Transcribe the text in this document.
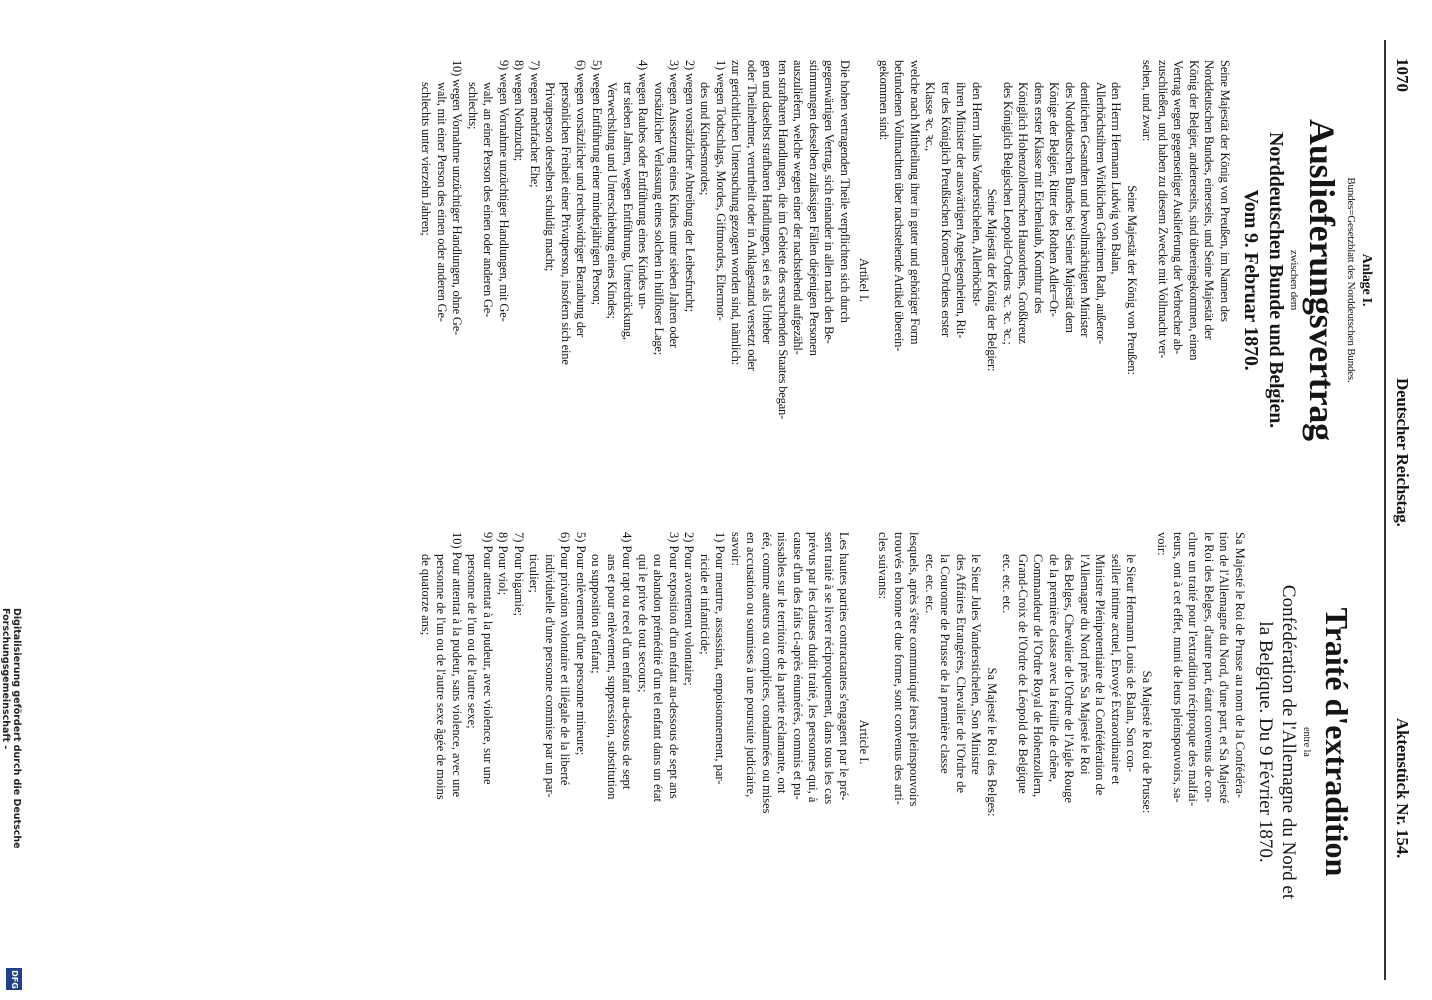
1070
Deutscher Reichstag.
Aktenstück Nr. 154.
Anlage I.
Bundes=Gesetzblatt des Norddeutschen Bundes.
Auslieferungsvertrag
zwischen dem
Norddeutschen Bunde und Belgien.
Vom 9. Februar 1870.
Seine Majestät der König von Preußen, im Namen des
Norddeutschen Bundes, einerseits, und Seine Majestät der
König der Belgier, andererseits, sind übereingekommen, einen
Vertrag wegen gegenseitiger Auslieferung der Verbrecher ab-
zuschließen, und haben zu diesem Zwecke mit Vollmacht ver-
sehen, und zwar:
Seine Majestät der König von Preußen:
den Herrn Hermann Ludwig von Balan,
Allerhöchstihren Wirklichen Geheimen Rath, außeror-
dentlichen Gesandten und bevollmächtigten Minister
des Norddeutschen Bundes bei Seiner Majestät dem
Könige der Belgier, Ritter des Rothen Adler=Or-
dens erster Klasse mit Eichenlaub, Komthur des
Königlich Hohenzollernschen Hausordens, Großkreuz
des Königlich Belgischen Leopold=Ordens ꝛc. ꝛc. ꝛc.;
Seine Majestät der König der Belgier:
den Herrn Julius Vanderstichelen, Allerhöchst-
ihren Minister der auswärtigen Angelegenheiten, Rit-
ter des Königlich Preußischen Kronen=Ordens erster
Klasse ꝛc. ꝛc.,
welche nach Mittheilung ihrer in guter und gehöriger Form
befundenen Vollmachten über nachstehende Artikel überein-
gekommen sind:
Artikel I.
Die hohen vertragenden Theile verpflichten sich durch
gegenwärtigen Vertrag, sich einander in allen nach den Be-
stimmungen desselben zulässigen Fällen diejenigen Personen
auszuliefern, welche wegen einer der nachstehend aufgezähl-
ten strafbaren Handlungen, die im Gebiete des ersuchenden Staates began-
gen und daselbst strafbaren Handlungen, sei es als Urheber
oder Theilnehmer, verurtheilt oder in Anklagestand versetzt oder
zur gerichtlichen Untersuchung gezogen worden sind, nämlich:
1) wegen Todtschlags, Mordes, Giftmordes, Eltermor-
des und Kindesmordes;
2) wegen vorsätzlicher Abtreibung der Leibesfrucht;
3) wegen Aussetzung eines Kindes unter sieben Jahren oder
vorsätzlicher Verlassung eines solchen in hülfloser Lage;
4) wegen Raubes oder Entführung eines Kindes un-
ter sieben Jahren, wegen Entführung, Unterdrückung,
Verwechslung und Unterschiebung eines Kindes;
5) wegen Entführung einer minderjährigen Person;
6) wegen vorsätzlicher und rechtswidriger Beraubung der
persönlichen Freiheit einer Privatperson, insofern sich eine
Privatperson derselben schuldig macht;
7) wegen mehrfacher Ehe;
8) wegen Nothzucht;
9) wegen Vornahme unzüchtiger Handlungen, mit Ge-
walt, an einer Person des einen oder anderen Ge-
schlechts;
10) wegen Vornahme unzüchtiger Handlungen, ohne Ge-
walt, mit einer Person des einen oder anderen Ge-
schlechts unter vierzehn Jahren;
Traité d'extradition
entre la
Confédération de l'Allemagne du Nord et
la Belgique. Du 9 Février 1870.
Sa Majesté le Roi de Prusse au nom de la Confédéra-
tion de l'Allemagne du Nord, d'une part, et Sa Majesté
le Roi des Belges, d'autre part, étant convenus de con-
clure un traité pour l'extradition réciproque des malfai-
teurs, ont à cet effet, muni de leurs pleinspouvoirs, sa-
voir:
Sa Majesté le Roi de Prusse:
le Sieur Hermann Louis de Balan, Son con-
seiller intime actuel, Envoyé Extraordinaire et
Ministre Plénipotentiaire de la Confédération de
l'Allemagne du Nord près Sa Majesté le Roi
des Belges, Chevalier de l'Ordre de l'Aigle Rouge
de la première classe avec la feuille de chêne,
Commandeur de l'Ordre Royal de Hohenzollern,
Grand-Croix de l'Ordre de Léopold de Belgique
etc. etc. etc.
Sa Majesté le Roi des Belges:
le Sieur Jules Vanderstichelen, Son Ministre
des Affaires Etrangères, Chevalier de l'Ordre de
la Couronne de Prusse de la première classe
etc. etc. etc.
lesquels, après s'être communiqué leurs pleinspouvoirs
trouvés en bonne et due forme, sont convenus des arti-
cles suivants:
Article I.
Les hautes parties contractantes s'engagent par le pré-
sent traité à se livrer réciproquement, dans tous les cas
prévus par les clauses dudit traité, les personnes qui, à
cause d'un des faits ci-après énumérés, commis et pu-
nissables sur le territoire de la partie réclamante, ont
été, comme auteurs ou complices, condamnées ou mises
en accusation ou soumises à une poursuite judiciaire,
savoir:
1) Pour meurtre, assassinat, empoisonnement, par-
ricide et infanticide;
2) Pour avortement volontaire;
3) Pour exposition d'un enfant au-dessous de sept ans
ou abandon prémédité d'un tel enfant dans un état
qui le prive de tout secours;
4) Pour rapt ou recel d'un enfant au-dessous de sept
ans et pour enlèvement, suppression, substitution
ou supposition d'enfant;
5) Pour enlèvement d'une personne mineure;
6) Pour privation volontaire et illégale de la liberté
individuelle d'une personne commise par un par-
ticulier;
7) Pour bigamie;
8) Pour viol;
9) Pour attentat à la pudeur, avec violence, sur une
personne de l'un ou de l'autre sexe;
10) Pour attentat à la pudeur, sans violence, avec une
personne de l'un ou de l'autre sexe âgée de moins
de quatorze ans;
Digitalisierung gefördert durch die Deutsche Forschungsgemeinschaft -
DFG
